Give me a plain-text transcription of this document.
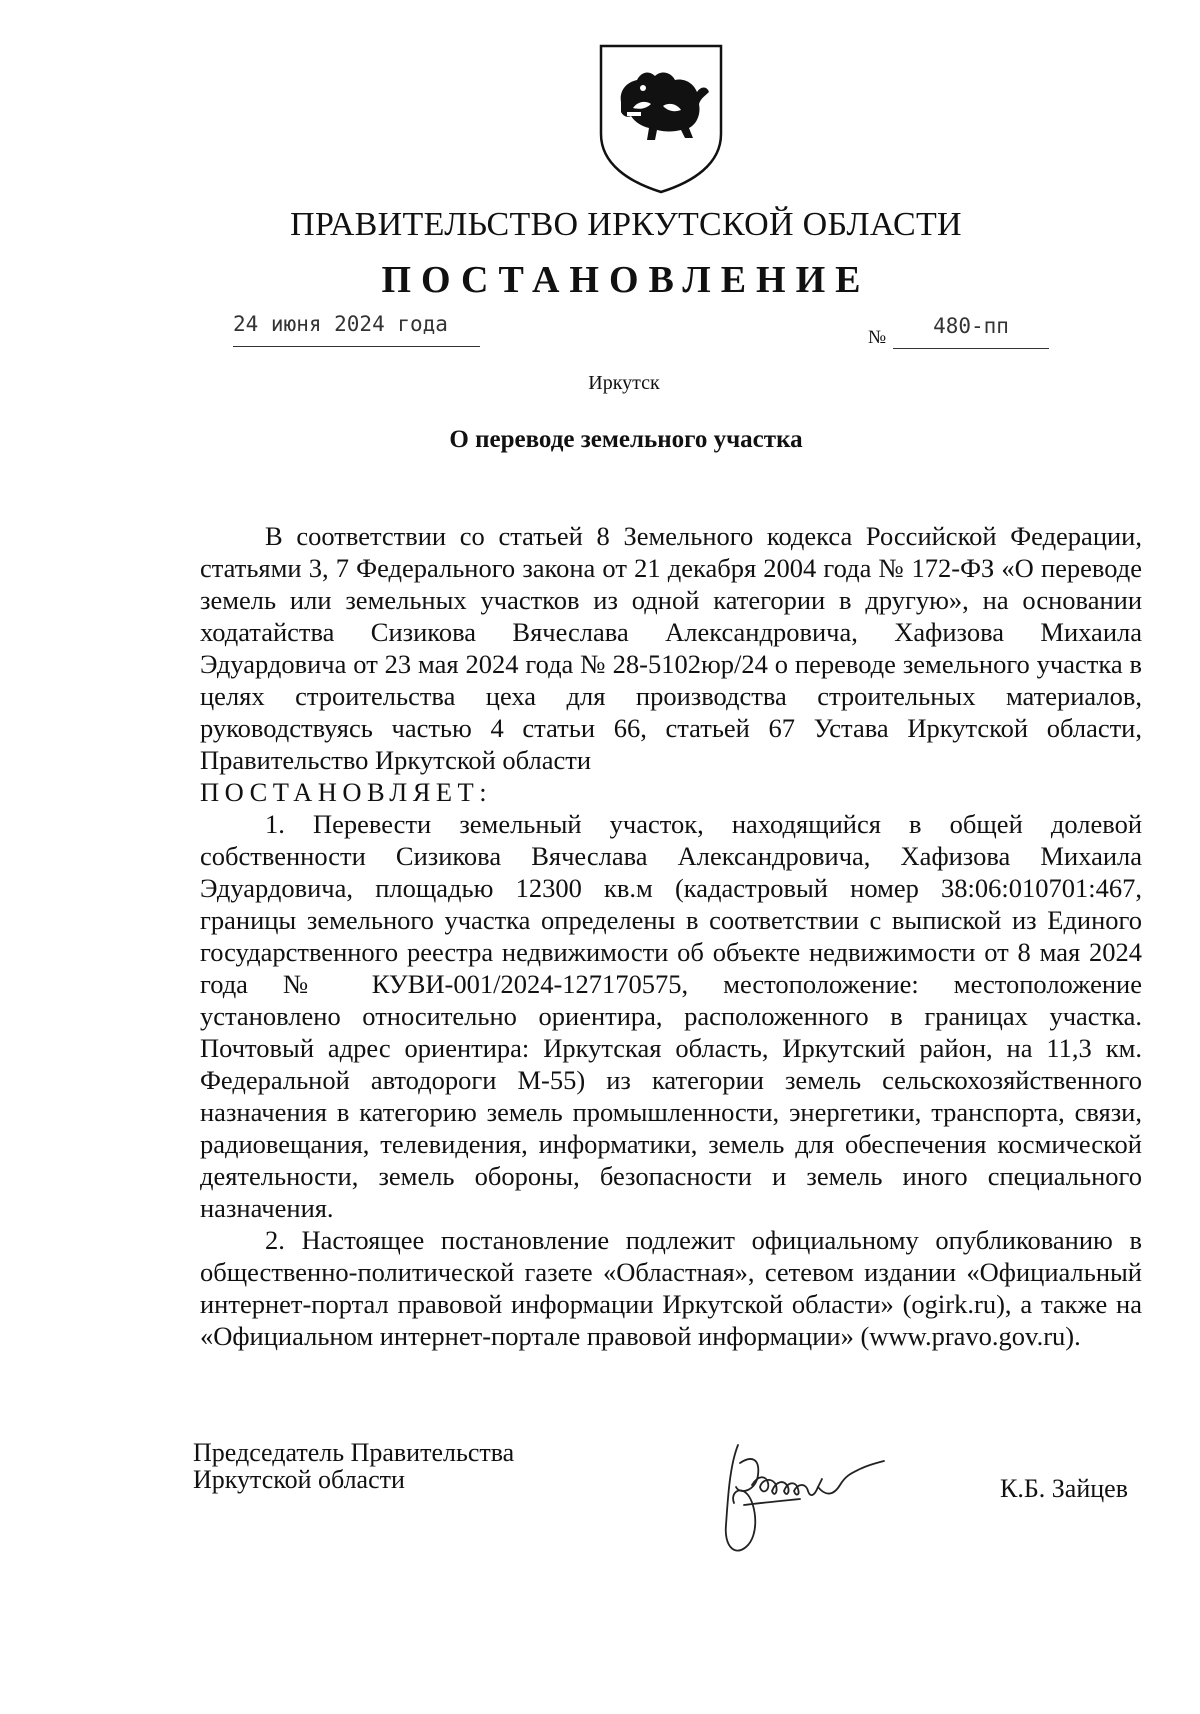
ПРАВИТЕЛЬСТВО ИРКУТСКОЙ ОБЛАСТИ
ПОСТАНОВЛЕНИЕ
24 июня 2024 года
№	480-пп
Иркутск
О переводе земельного участка

В соответствии со статьей 8 Земельного кодекса Российской Федерации, статьями 3, 7 Федерального закона от 21 декабря 2004 года № 172-ФЗ «О переводе земель или земельных участков из одной категории в другую», на основании ходатайства Сизикова Вячеслава Александровича, Хафизова Михаила Эдуардовича от 23 мая 2024 года № 28-5102юр/24 о переводе земельного участка в целях строительства цеха для производства строительных материалов, руководствуясь частью 4 статьи 66, статьей 67 Устава Иркутской области, Правительство Иркутской области

ПОСТАНОВЛЯЕТ:

1. Перевести земельный участок, находящийся в общей долевой собственности Сизикова Вячеслава Александровича, Хафизова Михаила Эдуардовича, площадью 12300 кв.м (кадастровый номер 38:06:010701:467, границы земельного участка определены в соответствии с выпиской из Единого государственного реестра недвижимости об объекте недвижимости от 8 мая 2024 года № КУВИ-001/2024-127170575, местоположение: местоположение установлено относительно ориентира, расположенного в границах участка. Почтовый адрес ориентира: Иркутская область, Иркутский район, на 11,3 км. Федеральной автодороги М-55) из категории земель сельскохозяйственного назначения в категорию земель промышленности, энергетики, транспорта, связи, радиовещания, телевидения, информатики, земель для обеспечения космической деятельности, земель обороны, безопасности и земель иного специального назначения.

2. Настоящее постановление подлежит официальному опубликованию в общественно-политической газете «Областная», сетевом издании «Официальный интернет-портал правовой информации Иркутской области» (ogirk.ru), а также на «Официальном интернет-портале правовой информации» (www.pravo.gov.ru).

Председатель Правительства
Иркутской области	К.Б. Зайцев
